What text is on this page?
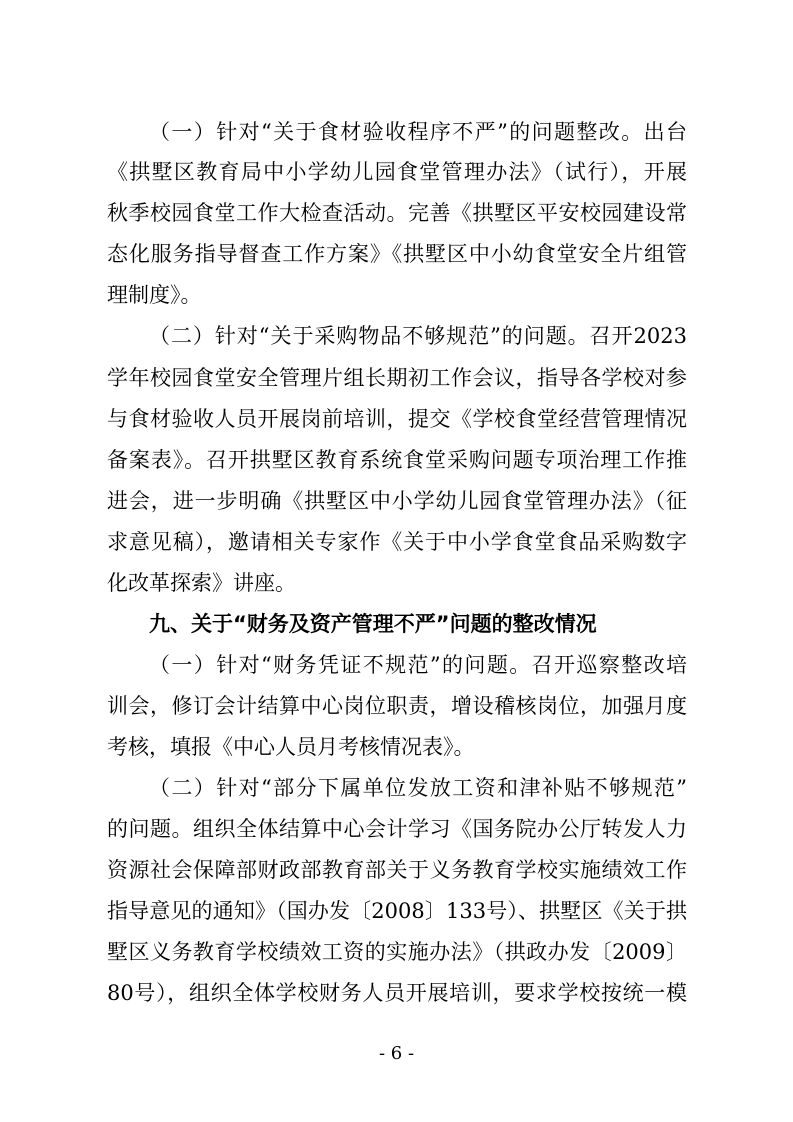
（一）针对“关于食材验收程序不严”的问题整改。出台

《拱墅区教育局中小学幼儿园食堂管理办法》（试行），开展

秋季校园食堂工作大检查活动。完善《拱墅区平安校园建设常

态化服务指导督查工作方案》《拱墅区中小幼食堂安全片组管

理制度》。

（二）针对“关于采购物品不够规范”的问题。召开2023

学年校园食堂安全管理片组长期初工作会议，指导各学校对参

与食材验收人员开展岗前培训，提交《学校食堂经营管理情况

备案表》。召开拱墅区教育系统食堂采购问题专项治理工作推

进会，进一步明确《拱墅区中小学幼儿园食堂管理办法》（征

求意见稿），邀请相关专家作《关于中小学食堂食品采购数字

化改革探索》讲座。

九、关于“财务及资产管理不严”问题的整改情况

（一）针对“财务凭证不规范”的问题。召开巡察整改培

训会，修订会计结算中心岗位职责，增设稽核岗位，加强月度

考核，填报《中心人员月考核情况表》。

（二）针对“部分下属单位发放工资和津补贴不够规范”

的问题。组织全体结算中心会计学习《国务院办公厅转发人力

资源社会保障部财政部教育部关于义务教育学校实施绩效工作

指导意见的通知》（国办发〔2008〕133号）、拱墅区《关于拱

墅区义务教育学校绩效工资的实施办法》（拱政办发〔2009〕

80号），组织全体学校财务人员开展培训，要求学校按统一模

- 6 -
